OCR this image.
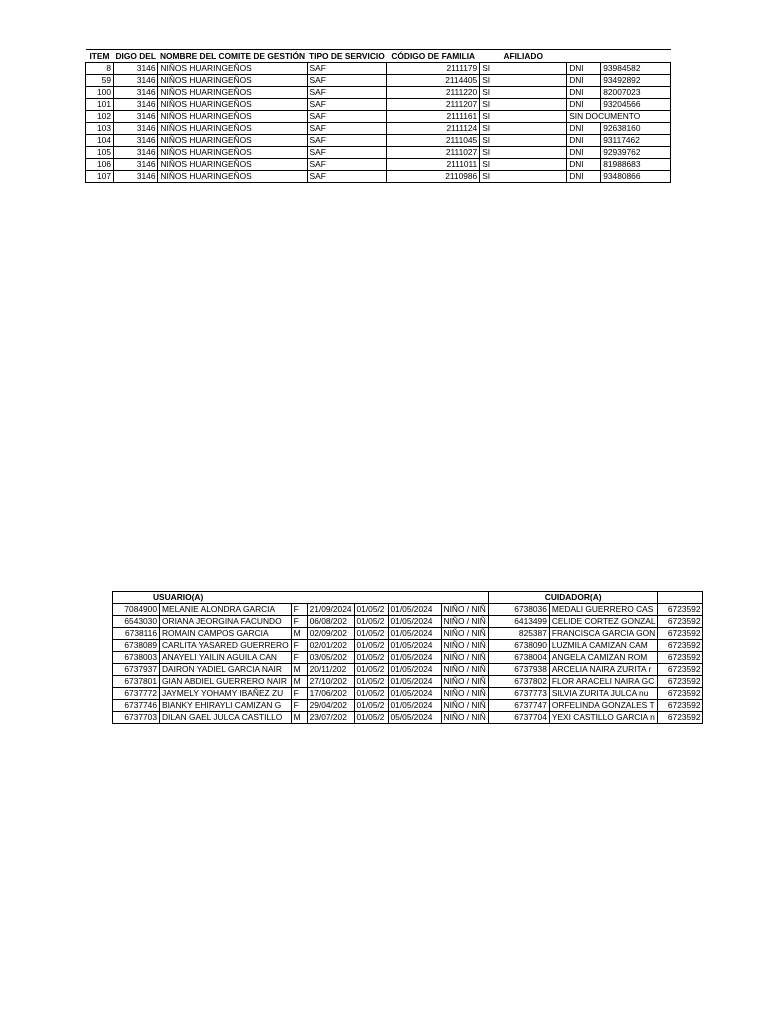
ITEM	DIGO DEL	NOMBRE DEL COMITE DE GESTIÓN	TIPO DE SERVICIO	CÓDIGO DE FAMILIA	AFILIADO		
8	3146	NIÑOS HUARINGEÑOS	SAF	2111179	SI	DNI	93984582
59	3146	NIÑOS HUARINGEÑOS	SAF	2114405	SI	DNI	93492892
100	3146	NIÑOS HUARINGEÑOS	SAF	2111220	SI	DNI	82007023
101	3146	NIÑOS HUARINGEÑOS	SAF	2111207	SI	DNI	93204566
102	3146	NIÑOS HUARINGEÑOS	SAF	2111161	SI	SIN DOCUMENTO	
103	3146	NIÑOS HUARINGEÑOS	SAF	2111124	SI	DNI	92638160
104	3146	NIÑOS HUARINGEÑOS	SAF	2111045	SI	DNI	93117462
105	3146	NIÑOS HUARINGEÑOS	SAF	2111027	SI	DNI	92939762
106	3146	NIÑOS HUARINGEÑOS	SAF	2111011	SI	DNI	81988683
107	3146	NIÑOS HUARINGEÑOS	SAF	2110986	SI	DNI	93480866
USUARIO(A)							CUIDADOR(A)		
7084900	MELANIE ALONDRA GARCIA	F	21/09/2024	01/05/2	01/05/2024	NIÑO / NIÑ	6738036	MEDALI GUERRERO CAS	6723592
6543030	ORIANA JEORGINA FACUNDO	F	06/08/202	01/05/2	01/05/2024	NIÑO / NIÑ	6413499	CELIDE CORTEZ GONZAL	6723592
6738116	ROMAIN CAMPOS GARCIA	M	02/09/202	01/05/2	01/05/2024	NIÑO / NIÑ	825387	FRANCISCA GARCIA GON	6723592
6738089	CARLITA YASARED GUERRERO	F	02/01/202	01/05/2	01/05/2024	NIÑO / NIÑ	6738090	LUZMILA CAMIZAN CAM	6723592
6738003	ANAYELI YAILIN AGUILA CAN	F	03/05/202	01/05/2	01/05/2024	NIÑO / NIÑ	6738004	ANGELA CAMIZAN ROM	6723592
6737937	DAIRON YADIEL GARCIA NAIR	M	20/11/202	01/05/2	01/05/2024	NIÑO / NIÑ	6737938	ARCELIA NAIRA ZURITA r	6723592
6737801	GIAN ABDIEL GUERRERO NAIR	M	27/10/202	01/05/2	01/05/2024	NIÑO / NIÑ	6737802	FLOR ARACELI NAIRA GC	6723592
6737772	JAYMELY YOHAMY IBAÑEZ ZU	F	17/06/202	01/05/2	01/05/2024	NIÑO / NIÑ	6737773	SILVIA ZURITA JULCA nu	6723592
6737746	BIANKY EHIRAYLI CAMIZAN G	F	29/04/202	01/05/2	01/05/2024	NIÑO / NIÑ	6737747	ORFELINDA GONZALES T	6723592
6737703	DILAN GAEL JULCA CASTILLO	M	23/07/202	01/05/2	05/05/2024	NIÑO / NIÑ	6737704	YEXI CASTILLO GARCIA n	6723592
